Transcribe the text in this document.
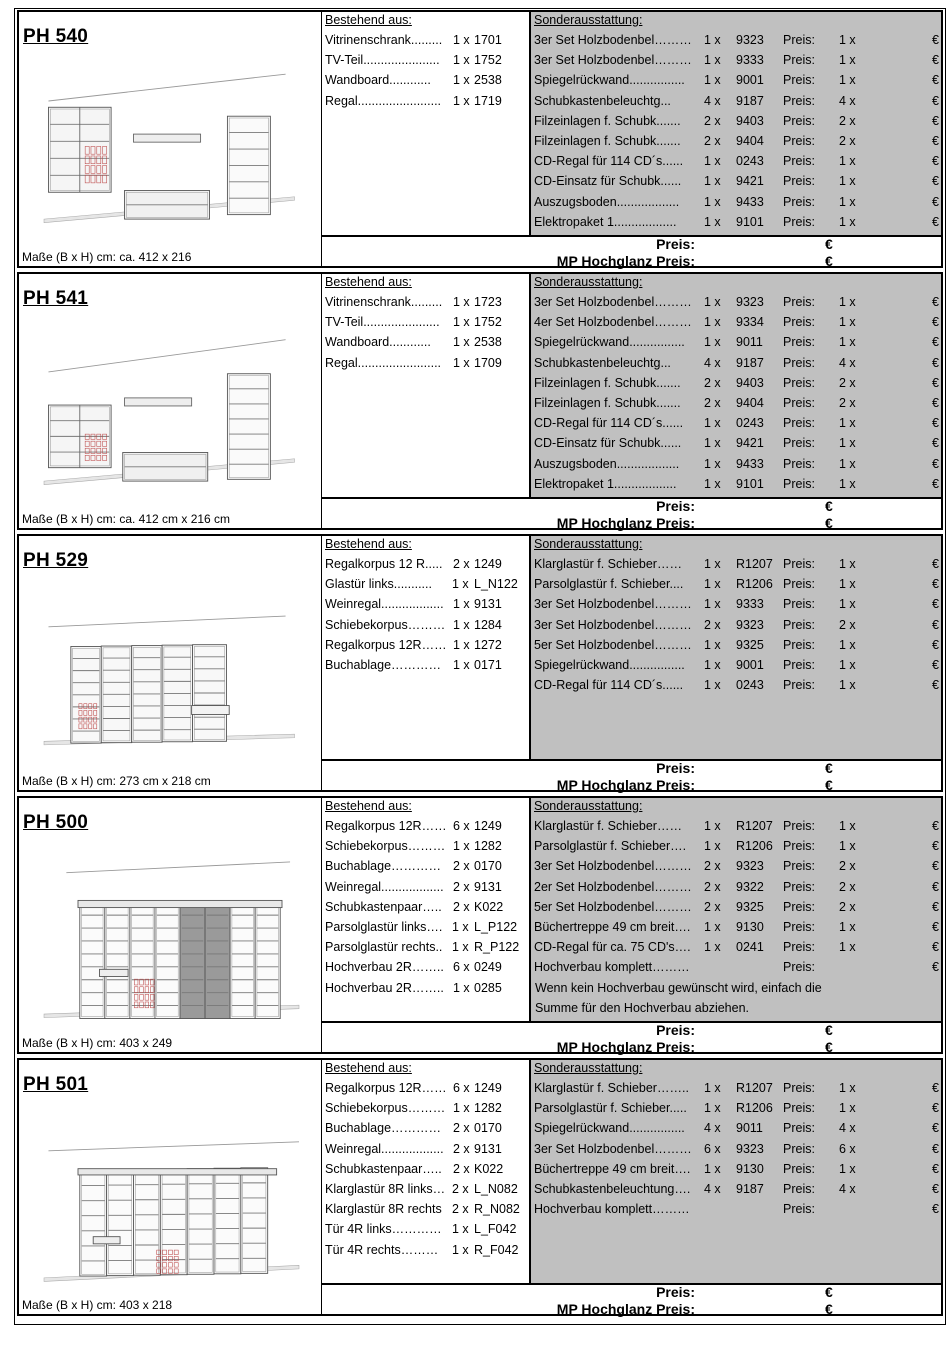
PH 540
Maße (B x H) cm: ca. 412 x 216
Bestehend aus:
Vitrinenschrank......... 1 x 1701
TV-Teil...................... 1 x 1752
Wandboard............ 1 x 2538
Regal........................ 1 x 1719
Sonderausstattung:
3er Set Holzbodenbel……… 1 x 9323 Preis: 1 x	€
3er Set Holzbodenbel……… 1 x 9333 Preis: 1 x	€
Spiegelrückwand................ 1 x 9001 Preis: 1 x	€
Schubkastenbeleuchtg...	4 x 9187 Preis: 4 x	€
Filzeinlagen f. Schubk....... 2 x 9403 Preis: 2 x	€
Filzeinlagen f. Schubk....... 2 x 9404 Preis: 2 x	€
CD-Regal für 114 CD´s...... 1 x 0243 Preis: 1 x	€
CD-Einsatz für Schubk...... 1 x 9421 Preis: 1 x	€
Auszugsboden.................. 1 x 9433 Preis: 1 x	€
Elektropaket 1.................. 1 x 9101 Preis: 1 x	€
Preis:	€
MP Hochglanz Preis:	€
PH 541
Maße (B x H) cm: ca. 412 cm x 216 cm
Bestehend aus:
Vitrinenschrank......... 1 x 1723
TV-Teil...................... 1 x 1752
Wandboard............ 1 x 2538
Regal........................ 1 x 1709
Sonderausstattung:
3er Set Holzbodenbel……… 1 x 9323 Preis: 1 x	€
4er Set Holzbodenbel……… 1 x 9334 Preis: 1 x	€
Spiegelrückwand................ 1 x 9011 Preis: 1 x	€
Schubkastenbeleuchtg...	4 x 9187 Preis: 4 x	€
Filzeinlagen f. Schubk....... 2 x 9403 Preis: 2 x	€
Filzeinlagen f. Schubk....... 2 x 9404 Preis: 2 x	€
CD-Regal für 114 CD´s...... 1 x 0243 Preis: 1 x	€
CD-Einsatz für Schubk...... 1 x 9421 Preis: 1 x	€
Auszugsboden.................. 1 x 9433 Preis: 1 x	€
Elektropaket 1.................. 1 x 9101 Preis: 1 x	€
Preis:	€
MP Hochglanz Preis:	€
PH 529
Maße (B x H) cm: 273 cm x 218 cm
Bestehend aus:
Regalkorpus 12 R..... 2 x 1249
Glastür links........... 1 x L_N122
Weinregal.................. 1 x 9131
Schiebekorpus……… 1 x 1284
Regalkorpus 12R…… 1 x 1272
Buchablage………… 1 x 0171
Sonderausstattung:
Klarglastür f. Schieber…… 1 x R1207 Preis: 1 x	€
Parsolglastür f. Schieber.... 1 x R1206 Preis: 1 x	€
3er Set Holzbodenbel……… 1 x 9333 Preis: 1 x	€
3er Set Holzbodenbel……… 2 x 9323 Preis: 2 x	€
5er Set Holzbodenbel……… 1 x 9325 Preis: 1 x	€
Spiegelrückwand................ 1 x 9001 Preis: 1 x	€
CD-Regal für 114 CD´s...... 1 x 0243 Preis: 1 x	€
Preis:	€
MP Hochglanz Preis:	€
PH 500
Maße (B x H) cm: 403 x 249
Bestehend aus:
Regalkorpus 12R…… 6 x 1249
Schiebekorpus……… 1 x 1282
Buchablage………… 2 x 0170
Weinregal.................. 2 x 9131
Schubkastenpaar….. 2 x K022
Parsolglastür links…. 1 x L_P122
Parsolglastür rechts.. 1 x R_P122
Hochverbau 2R…….. 6 x 0249
Hochverbau 2R…….. 1 x 0285
Sonderausstattung:
Klarglastür f. Schieber…… 1 x R1207 Preis: 1 x	€
Parsolglastür f. Schieber…. 1 x R1206 Preis: 1 x	€
3er Set Holzbodenbel……… 2 x 9323 Preis: 2 x	€
2er Set Holzbodenbel……… 2 x 9322 Preis: 2 x	€
5er Set Holzbodenbel……… 2 x 9325 Preis: 2 x	€
Büchertreppe 49 cm breit…. 1 x 9130 Preis: 1 x	€
CD-Regal für ca. 75 CD's…. 1 x 0241 Preis: 1 x	€
Hochverbau komplett………	Preis:	€
Wenn kein Hochverbau gewünscht wird, einfach die
Summe für den Hochverbau abziehen.
Preis:	€
MP Hochglanz Preis:	€
PH 501
Maße (B x H) cm: 403 x 218
Bestehend aus:
Regalkorpus 12R…… 6 x 1249
Schiebekorpus……… 1 x 1282
Buchablage………… 2 x 0170
Weinregal.................. 2 x 9131
Schubkastenpaar….. 2 x K022
Klarglastür 8R links… 2 x L_N082
Klarglastür 8R rechts 2 x R_N082
Tür 4R links………… 1 x L_F042
Tür 4R rechts……… 1 x R_F042
Sonderausstattung:
Klarglastür f. Schieber…….. 1 x R1207 Preis: 1 x	€
Parsolglastür f. Schieber..... 1 x R1206 Preis: 1 x	€
Spiegelrückwand................ 4 x 9011 Preis: 4 x	€
3er Set Holzbodenbel……… 6 x 9323 Preis: 6 x	€
Büchertreppe 49 cm breit…. 1 x 9130 Preis: 1 x	€
Schubkastenbeleuchtung…. 4 x 9187 Preis: 4 x	€
Hochverbau komplett………	Preis:	€
Preis:	€
MP Hochglanz Preis:	€
